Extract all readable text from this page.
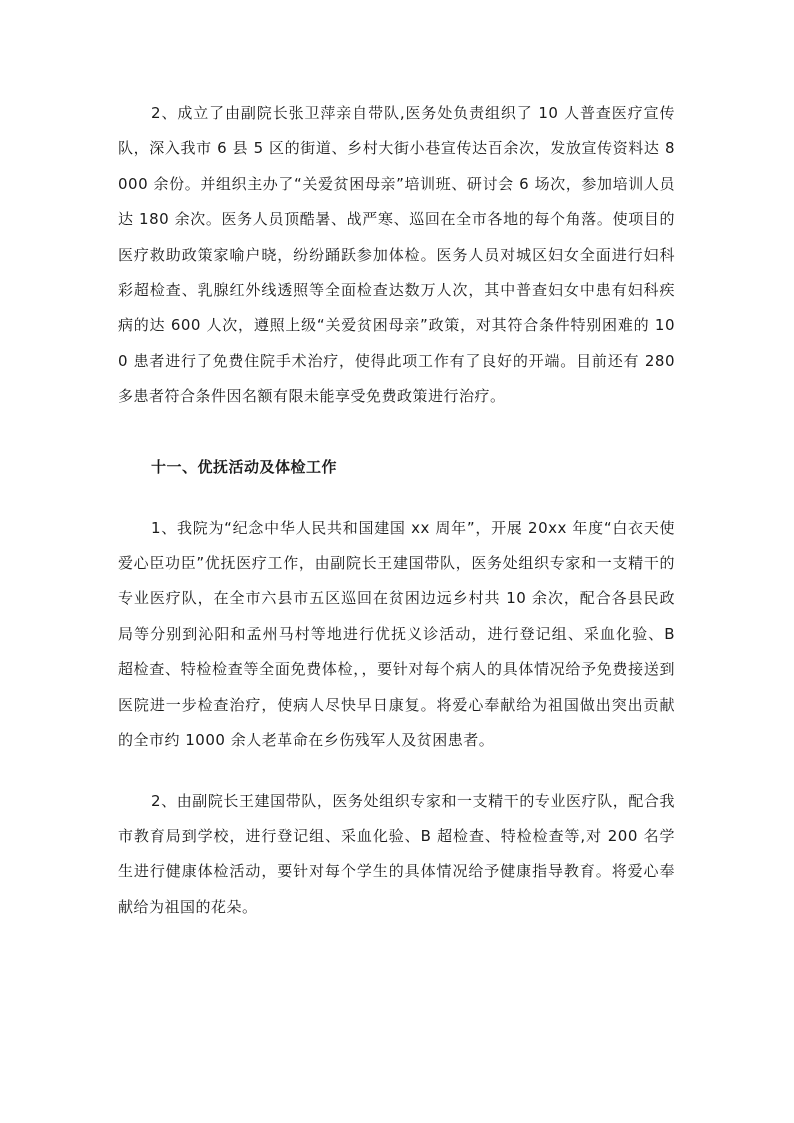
2、成立了由副院长张卫萍亲自带队,医务处负责组织了 10 人普查医疗宣传队，深入我市 6 县 5 区的街道、乡村大街小巷宣传达百余次，发放宣传资料达 8000 余份。并组织主办了“关爱贫困母亲”培训班、研讨会 6 场次，参加培训人员达 180 余次。医务人员顶酷暑、战严寒、巡回在全市各地的每个角落。使项目的医疗救助政策家喻户晓，纷纷踊跃参加体检。医务人员对城区妇女全面进行妇科彩超检查、乳腺红外线透照等全面检查达数万人次，其中普查妇女中患有妇科疾病的达 600 人次，遵照上级“关爱贫困母亲”政策，对其符合条件特别困难的 100 患者进行了免费住院手术治疗，使得此项工作有了良好的开端。目前还有 280 多患者符合条件因名额有限未能享受免费政策进行治疗。

十一、优抚活动及体检工作

1、我院为“纪念中华人民共和国建国 xx 周年”，开展 20xx 年度“白衣天使爱心臣功臣”优抚医疗工作，由副院长王建国带队，医务处组织专家和一支精干的专业医疗队，在全市六县市五区巡回在贫困边远乡村共 10 余次，配合各县民政局等分别到沁阳和孟州马村等地进行优抚义诊活动，进行登记组、采血化验、B 超检查、特检检查等全面免费体检，，要针对每个病人的具体情况给予免费接送到医院进一步检查治疗，使病人尽快早日康复。将爱心奉献给为祖国做出突出贡献的全市约 1000 余人老革命在乡伤残军人及贫困患者。

2、由副院长王建国带队，医务处组织专家和一支精干的专业医疗队，配合我市教育局到学校，进行登记组、采血化验、B 超检查、特检检查等,对 200 名学生进行健康体检活动，要针对每个学生的具体情况给予健康指导教育。将爱心奉献给为祖国的花朵。
